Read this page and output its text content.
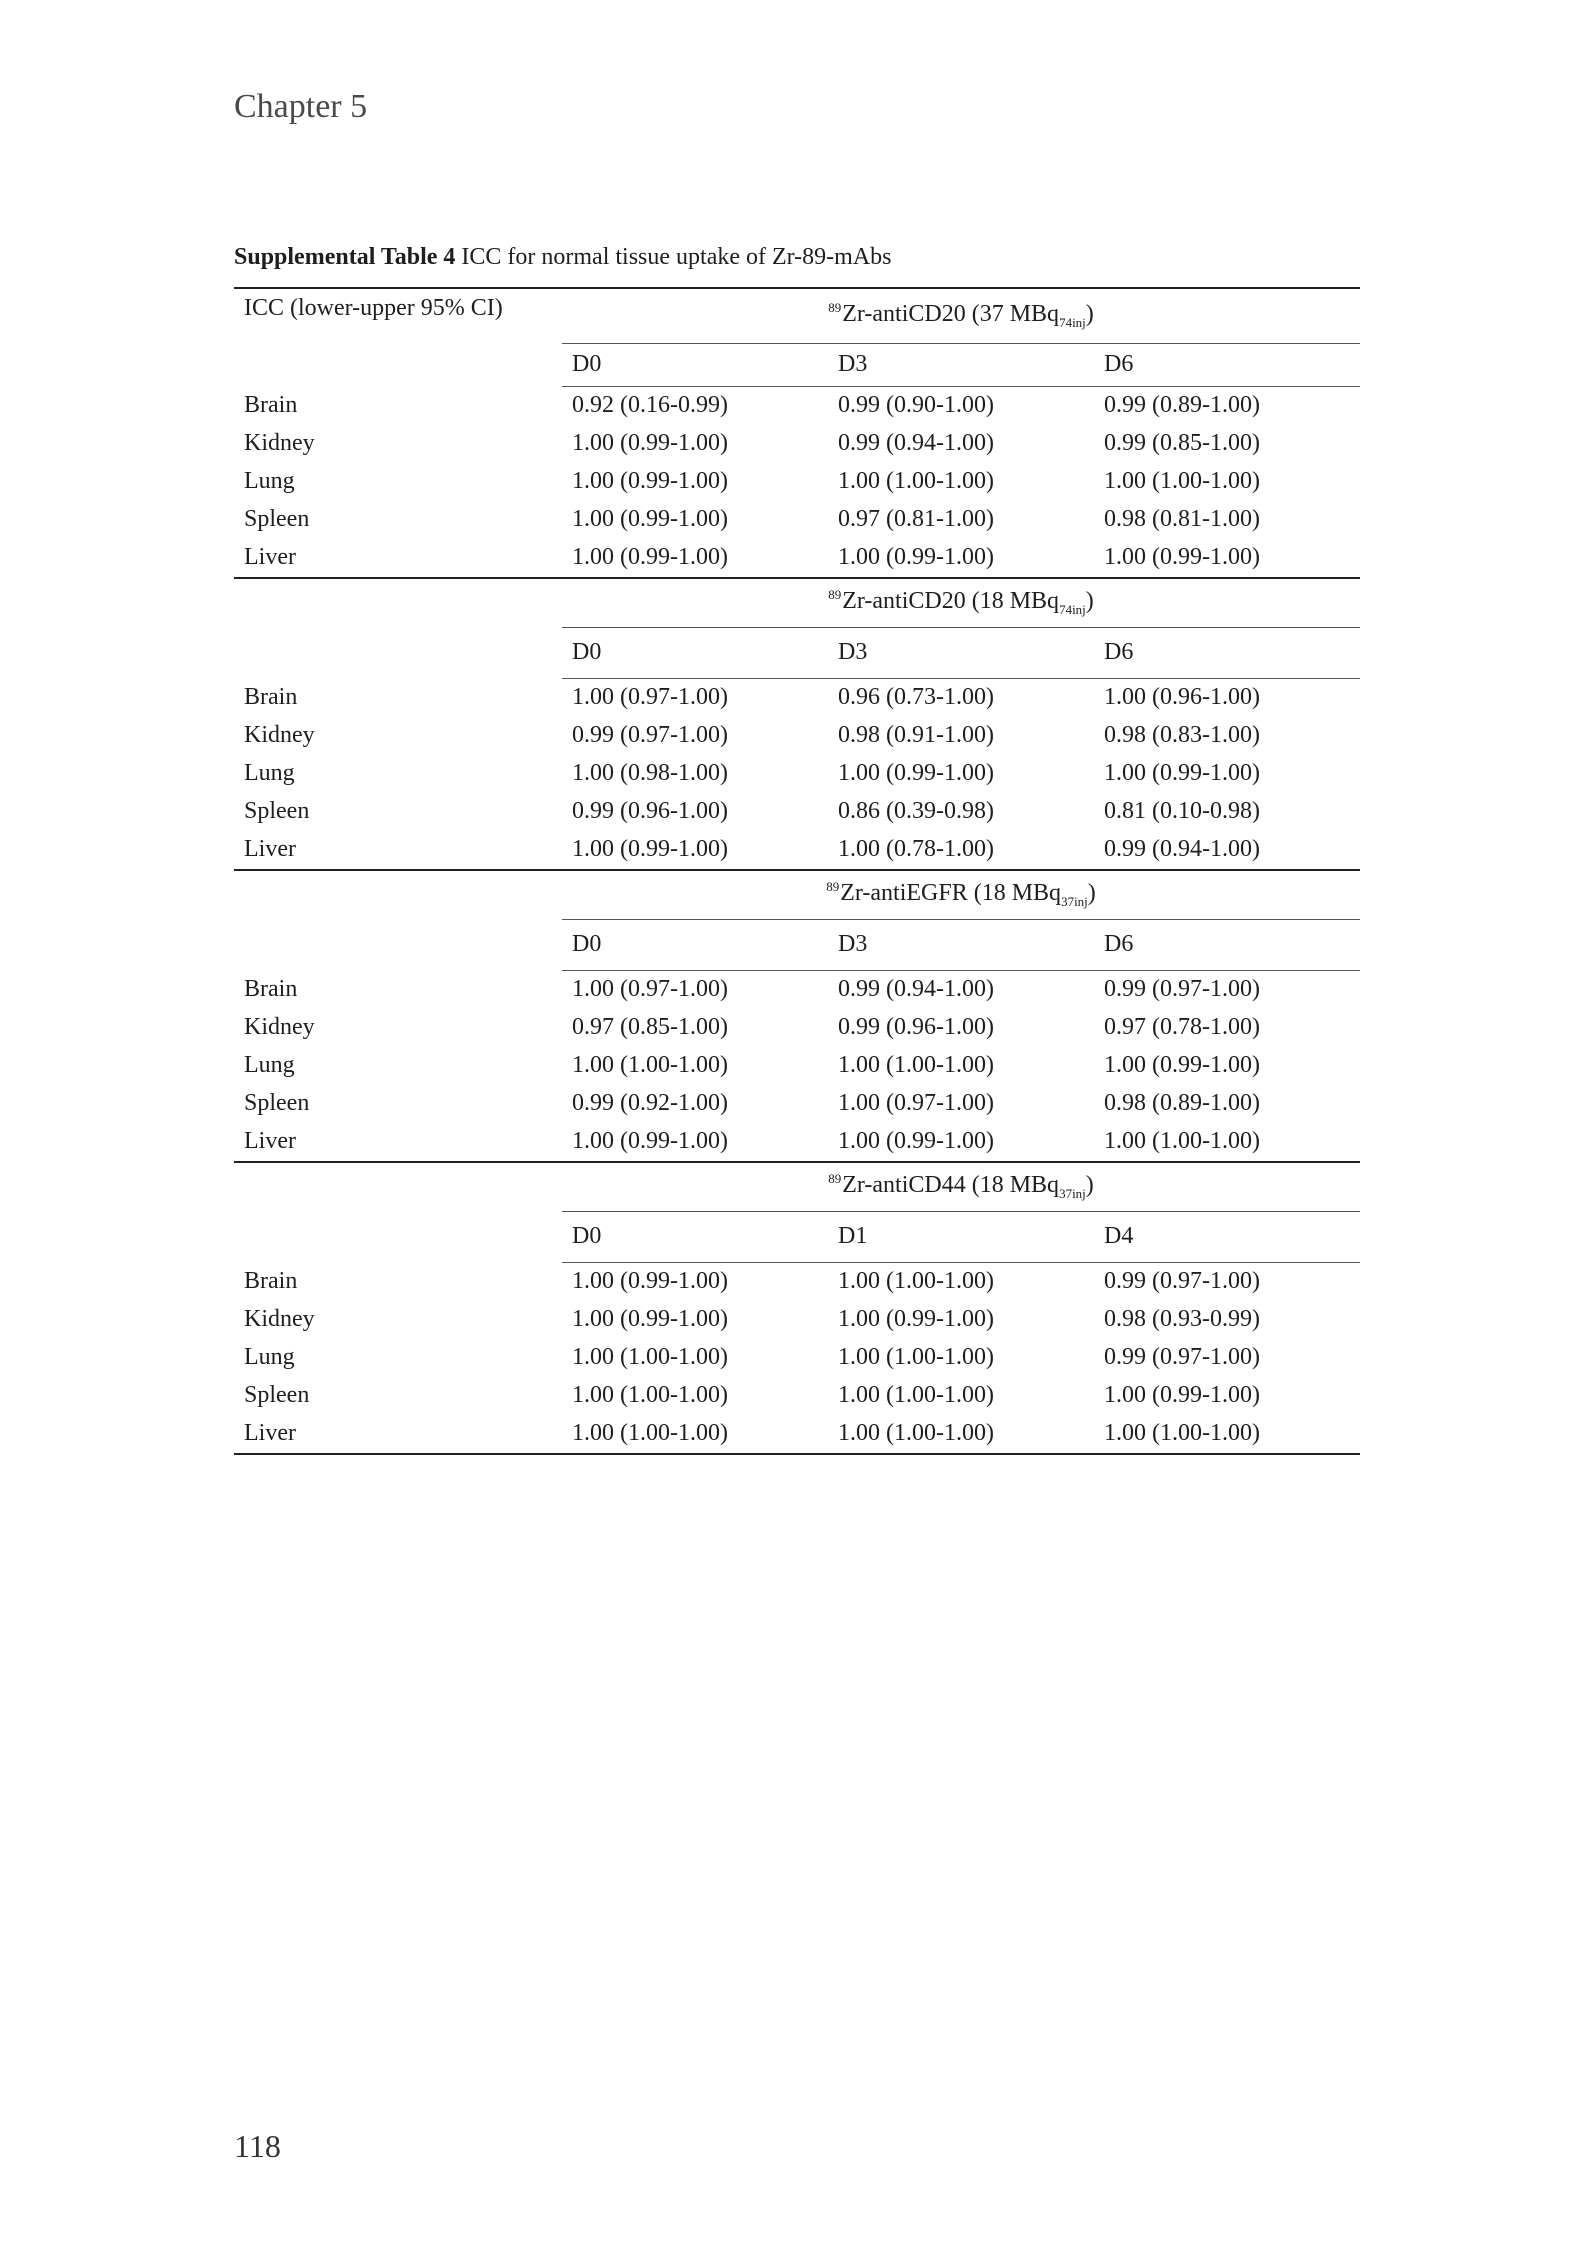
Chapter 5
Supplemental Table 4 ICC for normal tissue uptake of Zr-89-mAbs
ICC (lower-upper 95% CI)	$^{89}$Zr-antiCD20 (37 MBq$_{74inj}$)		
	D0	D3	D6
Brain	0.92 (0.16-0.99)	0.99 (0.90-1.00)	0.99 (0.89-1.00)
Kidney	1.00 (0.99-1.00)	0.99 (0.94-1.00)	0.99 (0.85-1.00)
Lung	1.00 (0.99-1.00)	1.00 (1.00-1.00)	1.00 (1.00-1.00)
Spleen	1.00 (0.99-1.00)	0.97 (0.81-1.00)	0.98 (0.81-1.00)
Liver	1.00 (0.99-1.00)	1.00 (0.99-1.00)	1.00 (0.99-1.00)
	$^{89}$Zr-antiCD20 (18 MBq$_{74inj}$)		
	D0	D3	D6
Brain	1.00 (0.97-1.00)	0.96 (0.73-1.00)	1.00 (0.96-1.00)
Kidney	0.99 (0.97-1.00)	0.98 (0.91-1.00)	0.98 (0.83-1.00)
Lung	1.00 (0.98-1.00)	1.00 (0.99-1.00)	1.00 (0.99-1.00)
Spleen	0.99 (0.96-1.00)	0.86 (0.39-0.98)	0.81 (0.10-0.98)
Liver	1.00 (0.99-1.00)	1.00 (0.78-1.00)	0.99 (0.94-1.00)
	$^{89}$Zr-antiEGFR (18 MBq$_{37inj}$)		
	D0	D3	D6
Brain	1.00 (0.97-1.00)	0.99 (0.94-1.00)	0.99 (0.97-1.00)
Kidney	0.97 (0.85-1.00)	0.99 (0.96-1.00)	0.97 (0.78-1.00)
Lung	1.00 (1.00-1.00)	1.00 (1.00-1.00)	1.00 (0.99-1.00)
Spleen	0.99 (0.92-1.00)	1.00 (0.97-1.00)	0.98 (0.89-1.00)
Liver	1.00 (0.99-1.00)	1.00 (0.99-1.00)	1.00 (1.00-1.00)
	$^{89}$Zr-antiCD44 (18 MBq$_{37inj}$)		
	D0	D1	D4
Brain	1.00 (0.99-1.00)	1.00 (1.00-1.00)	0.99 (0.97-1.00)
Kidney	1.00 (0.99-1.00)	1.00 (0.99-1.00)	0.98 (0.93-0.99)
Lung	1.00 (1.00-1.00)	1.00 (1.00-1.00)	0.99 (0.97-1.00)
Spleen	1.00 (1.00-1.00)	1.00 (1.00-1.00)	1.00 (0.99-1.00)
Liver	1.00 (1.00-1.00)	1.00 (1.00-1.00)	1.00 (1.00-1.00)
118
